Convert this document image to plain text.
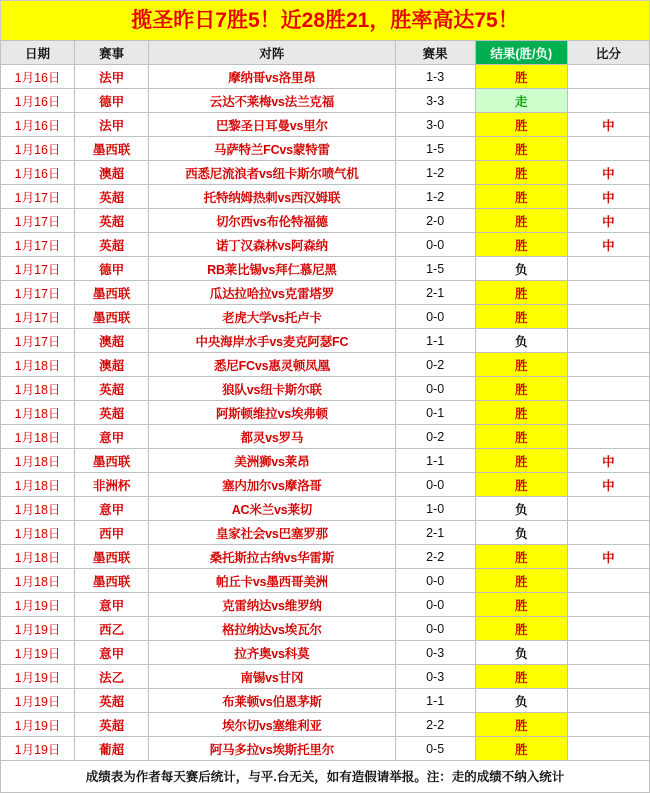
揽圣昨日7胜5！近28胜21，胜率高达75！
日期	赛事	对阵	赛果	结果(胜/负)	比分
1月16日	法甲	摩纳哥vs洛里昂	1-3	胜	
1月16日	德甲	云达不莱梅vs法兰克福	3-3	走	
1月16日	法甲	巴黎圣日耳曼vs里尔	3-0	胜	中
1月16日	墨西联	马萨特兰FCvs蒙特雷	1-5	胜	
1月16日	澳超	西悉尼流浪者vs纽卡斯尔喷气机	1-2	胜	中
1月17日	英超	托特纳姆热刺vs西汉姆联	1-2	胜	中
1月17日	英超	切尔西vs布伦特福德	2-0	胜	中
1月17日	英超	诺丁汉森林vs阿森纳	0-0	胜	中
1月17日	德甲	RB莱比锡vs拜仁慕尼黑	1-5	负	
1月17日	墨西联	瓜达拉哈拉vs克雷塔罗	2-1	胜	
1月17日	墨西联	老虎大学vs托卢卡	0-0	胜	
1月17日	澳超	中央海岸水手vs麦克阿瑟FC	1-1	负	
1月18日	澳超	悉尼FCvs惠灵顿凤凰	0-2	胜	
1月18日	英超	狼队vs纽卡斯尔联	0-0	胜	
1月18日	英超	阿斯顿维拉vs埃弗顿	0-1	胜	
1月18日	意甲	都灵vs罗马	0-2	胜	
1月18日	墨西联	美洲狮vs莱昂	1-1	胜	中
1月18日	非洲杯	塞内加尔vs摩洛哥	0-0	胜	中
1月18日	意甲	AC米兰vs莱切	1-0	负	
1月18日	西甲	皇家社会vs巴塞罗那	2-1	负	
1月18日	墨西联	桑托斯拉古纳vs华雷斯	2-2	胜	中
1月18日	墨西联	帕丘卡vs墨西哥美洲	0-0	胜	
1月19日	意甲	克雷纳达vs维罗纳	0-0	胜	
1月19日	西乙	格拉纳达vs埃瓦尔	0-0	胜	
1月19日	意甲	拉齐奥vs科莫	0-3	负	
1月19日	法乙	南锡vs甘冈	0-3	胜	
1月19日	英超	布莱顿vs伯恩茅斯	1-1	负	
1月19日	英超	埃尔切vs塞维利亚	2-2	胜	
1月19日	葡超	阿马多拉vs埃斯托里尔	0-5	胜	
成绩表为作者每天赛后统计，与平.台无关，如有造假请举报。注：走的成绩不纳入统计
